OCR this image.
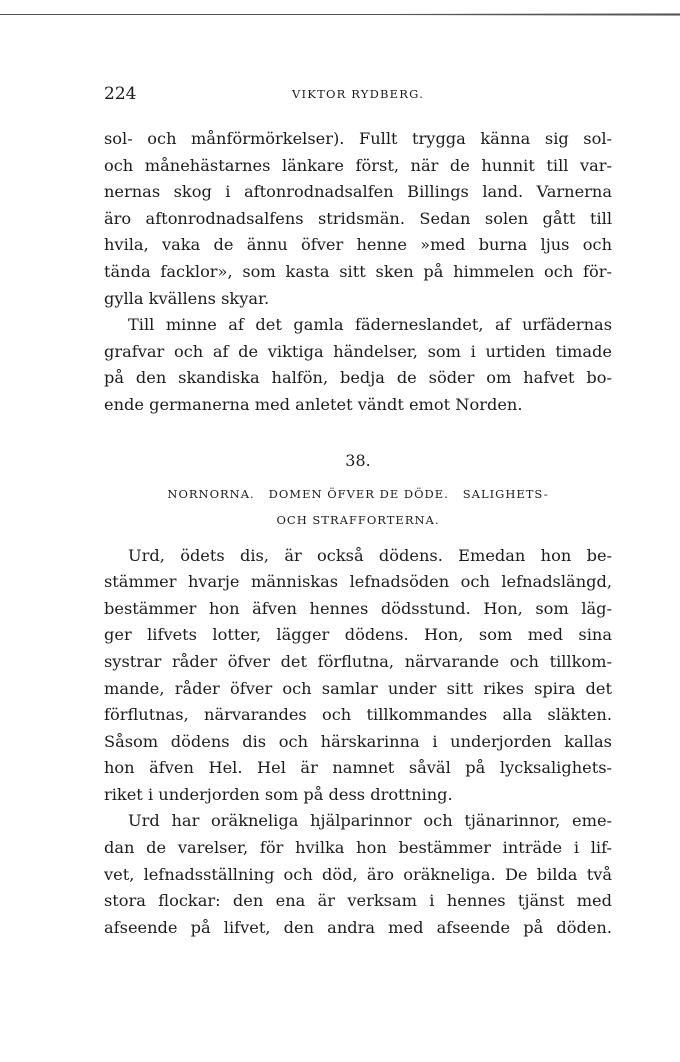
224	VIKTOR RYDBERG.
sol- och månförmörkelser). Fullt trygga känna sig sol-
och månehästarnes länkare först, när de hunnit till var-
nernas skog i aftonrodnadsalfen Billings land. Varnerna
äro aftonrodnadsalfens stridsmän. Sedan solen gått till
hvila, vaka de ännu öfver henne »med burna ljus och
tända facklor», som kasta sitt sken på himmelen och för-
gylla kvällens skyar.
Till minne af det gamla fäderneslandet, af urfädernas
grafvar och af de viktiga händelser, som i urtiden timade
på den skandiska halfön, bedja de söder om hafvet bo-
ende germanerna med anletet vändt emot Norden.
38.
NORNORNA.   DOMEN ÖFVER DE DÖDE.   SALIGHETS-
OCH STRAFFORTERNA.
Urd, ödets dis, är också dödens. Emedan hon be-
stämmer hvarje människas lefnadsöden och lefnadslängd,
bestämmer hon äfven hennes dödsstund. Hon, som läg-
ger lifvets lotter, lägger dödens. Hon, som med sina
systrar råder öfver det förflutna, närvarande och tillkom-
mande, råder öfver och samlar under sitt rikes spira det
förflutnas, närvarandes och tillkommandes alla släkten.
Såsom dödens dis och härskarinna i underjorden kallas
hon äfven Hel. Hel är namnet såväl på lycksalighets-
riket i underjorden som på dess drottning.
Urd har oräkneliga hjälparinnor och tjänarinnor, eme-
dan de varelser, för hvilka hon bestämmer inträde i lif-
vet, lefnadsställning och död, äro oräkneliga. De bilda två
stora flockar: den ena är verksam i hennes tjänst med
afseende på lifvet, den andra med afseende på döden.
